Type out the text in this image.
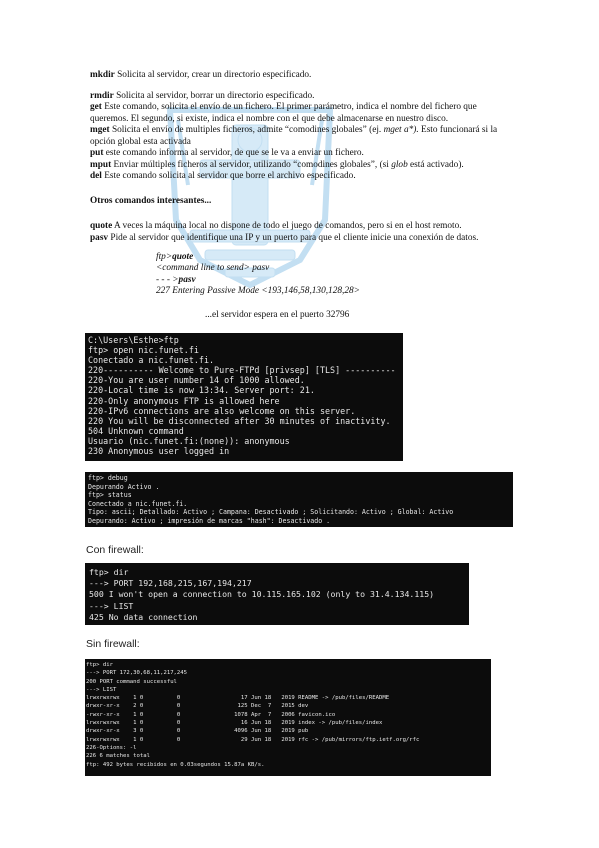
mkdir Solicita al servidor, crear un directorio especificado.
rmdir Solicita al servidor, borrar un directorio especificado.
get Este comando, solicita el envío de un fichero. El primer parámetro, indica el nombre del fichero que
queremos. El segundo, si existe, indica el nombre con el que debe almacenarse en nuestro disco.
mget Solicita el envío de multiples ficheros, admite “comodines globales” (ej. mget a*). Esto funcionará si la
opción global esta activada
put este comando informa al servidor, de que se le va a enviar un fichero.
mput Enviar múltiples ficheros al servidor, utilizando “comodines globales”, (si glob está activado).
del Este comando solicita al servidor que borre el archivo especificado.
Otros comandos interesantes...
quote A veces la máquina local no dispone de todo el juego de comandos, pero si en el host remoto.
pasv Pide al servidor que identifique una IP y un puerto para que el cliente inicie una conexión de datos.
ftp>quote
<command line to send> pasv
- - - >pasv
227 Entering Passive Mode <193,146,58,130,128,28>
...el servidor espera en el puerto 32796
C:\Users\Esthe>ftp
ftp> open nic.funet.fi
Conectado a nic.funet.fi.
220---------- Welcome to Pure-FTPd [privsep] [TLS] ----------
220-You are user number 14 of 1000 allowed.
220-Local time is now 13:34. Server port: 21.
220-Only anonymous FTP is allowed here
220-IPv6 connections are also welcome on this server.
220 You will be disconnected after 30 minutes of inactivity.
504 Unknown command
Usuario (nic.funet.fi:(none)): anonymous
230 Anonymous user logged in
ftp> debug
Depurando Activo .
ftp> status
Conectado a nic.funet.fi.
Tipo: ascii; Detallado: Activo ; Campana: Desactivado ; Solicitando: Activo ; Global: Activo
Depurando: Activo ; impresión de marcas "hash": Desactivado .
Con firewall:
ftp> dir
---> PORT 192,168,215,167,194,217
500 I won't open a connection to 10.115.165.102 (only to 31.4.134.115)
---> LIST
425 No data connection
Sin firewall:
ftp> dir
---> PORT 172,30,68,11,217,245
200 PORT command successful
---> LIST
lrwxrwxrwx    1 0          0                  17 Jun 18   2019 README -> /pub/files/README
drwxr-xr-x    2 0          0                 125 Dec  7   2015 dev
-rwxr-xr-x    1 0          0                1078 Apr  7   2006 favicon.ico
lrwxrwxrwx    1 0          0                  16 Jun 18   2019 index -> /pub/files/index
drwxr-xr-x    3 0          0                4096 Jun 18   2019 pub
lrwxrwxrwx    1 0          0                  29 Jun 18   2019 rfc -> /pub/mirrors/ftp.ietf.org/rfc
226-Options: -l
226 6 matches total
ftp: 492 bytes recibidos en 0.03segundos 15.87a KB/s.
